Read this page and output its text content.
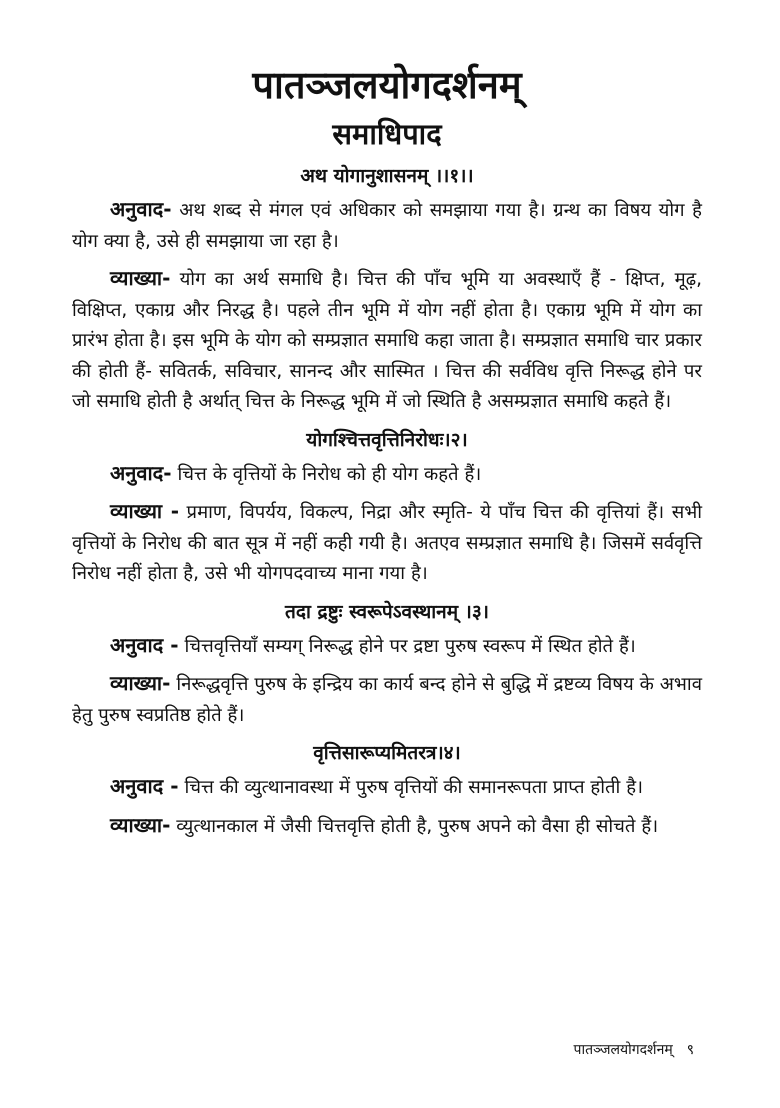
पातञ्जलयोगदर्शनम्
समाधिपाद
अथ योगानुशासनम् ।।१।।

अनुवाद- अथ शब्द से मंगल एवं अधिकार को समझाया गया है। ग्रन्थ का विषय योग है योग क्या है, उसे ही समझाया जा रहा है।

व्याख्या- योग का अर्थ समाधि है। चित्त की पाँच भूमि या अवस्थाएँ हैं - क्षिप्त, मूढ़, विक्षिप्त, एकाग्र और निरद्ध है। पहले तीन भूमि में योग नहीं होता है। एकाग्र भूमि में योग का प्रारंभ होता है। इस भूमि के योग को सम्प्रज्ञात समाधि कहा जाता है। सम्प्रज्ञात समाधि चार प्रकार की होती हैं- सवितर्क, सविचार, सानन्द और सास्मित । चित्त की सर्वविध वृत्ति निरूद्ध होने पर जो समाधि होती है अर्थात् चित्त के निरूद्ध भूमि में जो स्थिति है असम्प्रज्ञात समाधि कहते हैं।

योगश्चित्तवृत्तिनिरोधः।२।

अनुवाद- चित्त के वृत्तियों के निरोध को ही योग कहते हैं।

व्याख्या - प्रमाण, विपर्यय, विकल्प, निद्रा और स्मृति- ये पाँच चित्त की वृत्तियां हैं। सभी वृत्तियों के निरोध की बात सूत्र में नहीं कही गयी है। अतएव सम्प्रज्ञात समाधि है। जिसमें सर्ववृत्ति निरोध नहीं होता है, उसे भी योगपदवाच्य माना गया है।

तदा द्रष्टुः स्वरूपेऽवस्थानम् ।३।

अनुवाद - चित्तवृत्तियाँ सम्यग् निरूद्ध होने पर द्रष्टा पुरुष स्वरूप में स्थित होते हैं।

व्याख्या- निरूद्धवृत्ति पुरुष के इन्द्रिय का कार्य बन्द होने से बुद्धि में द्रष्टव्य विषय के अभाव हेतु पुरुष स्वप्रतिष्ठ होते हैं।

वृत्तिसारूप्यमितरत्र।४।

अनुवाद - चित्त की व्युत्थानावस्था में पुरुष वृत्तियों की समानरूपता प्राप्त होती है।

व्याख्या- व्युत्थानकाल में जैसी चित्तवृत्ति होती है, पुरुष अपने को वैसा ही सोचते हैं।

पातञ्जलयोगदर्शनम् ९
